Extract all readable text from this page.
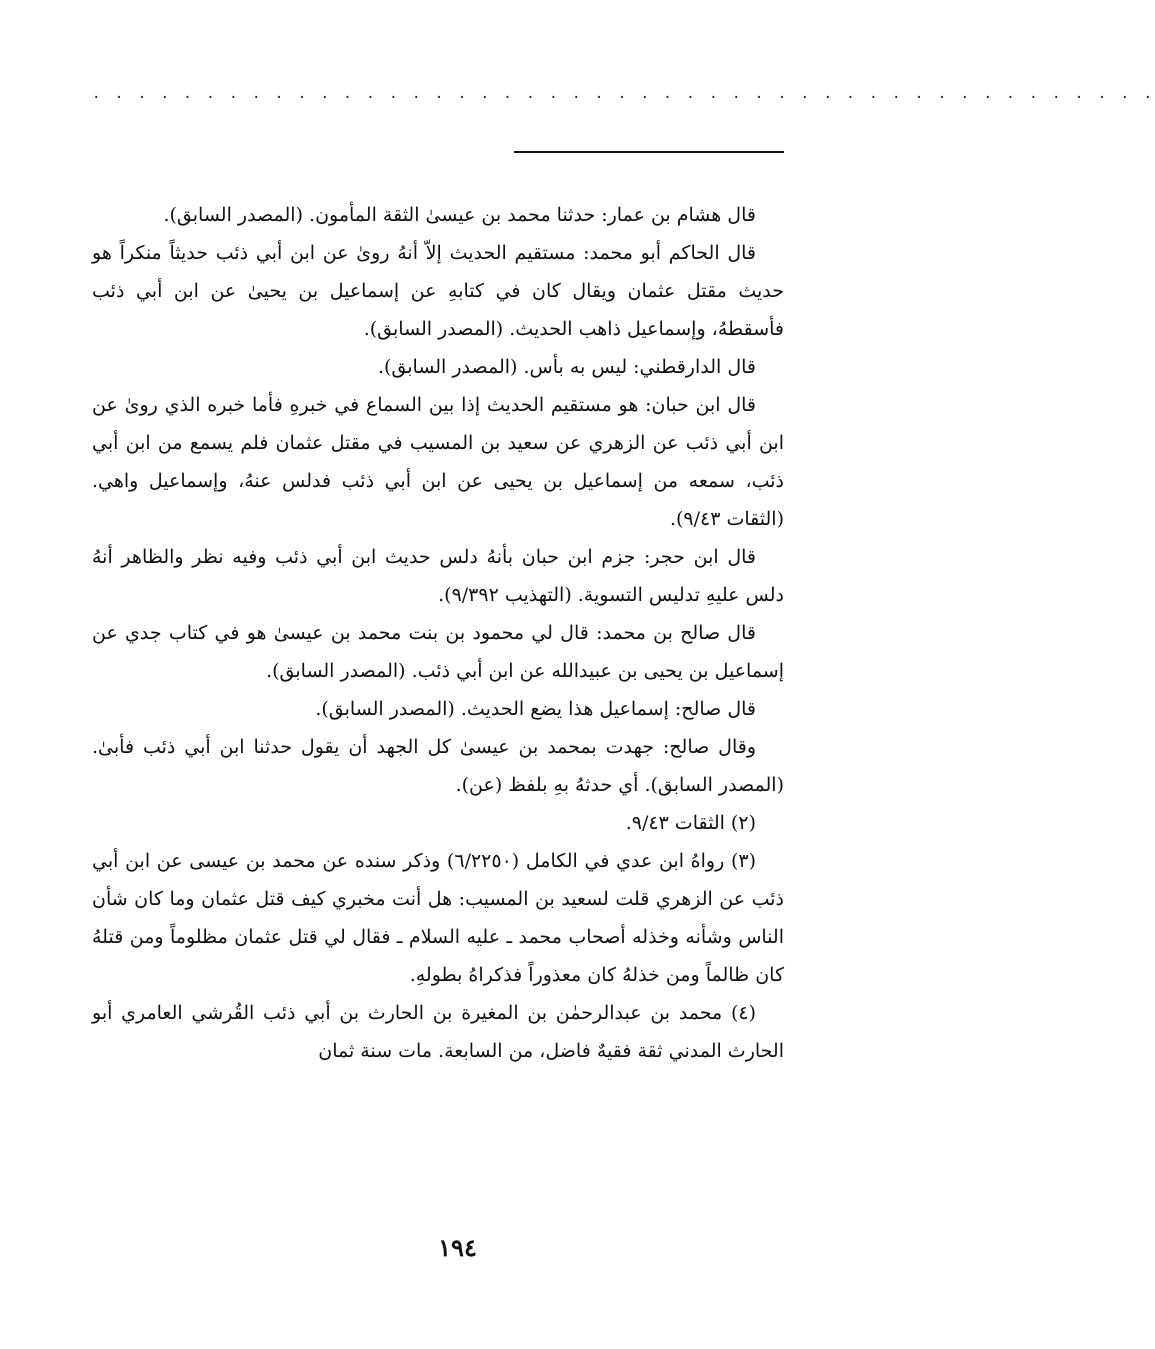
. . . . . . . . . . . . . . . . . . . . . . . . . . . . . . . . . . . . . . . . . . . . . . .

قال هشام بن عمار: حدثنا محمد بن عيسىٰ الثقة المأمون. (المصدر السابق).

قال الحاكم أبو محمد: مستقيم الحديث إلاّ أنهُ روىٰ عن ابن أبي ذئب حديثاً منكراً هو حديث مقتل عثمان ويقال كان في كتابهِ عن إسماعيل بن يحيىٰ عن ابن أبي ذئب فأسقطهُ، وإسماعيل ذاهب الحديث. (المصدر السابق).

قال الدارقطني: ليس به بأس. (المصدر السابق).

قال ابن حبان: هو مستقيم الحديث إذا بين السماع في خبرهِ فأما خبره الذي روىٰ عن ابن أبي ذئب عن الزهري عن سعيد بن المسيب في مقتل عثمان فلم يسمع من ابن أبي ذئب، سمعه من إسماعيل بن يحيى عن ابن أبي ذئب فدلس عنهُ، وإسماعيل واهي. (الثقات ٩/٤٣).

قال ابن حجر: جزم ابن حبان بأنهُ دلس حديث ابن أبي ذئب وفيه نظر والظاهر أنهُ دلس عليهِ تدليس التسوية. (التهذيب ٩/٣٩٢).

قال صالح بن محمد: قال لي محمود بن بنت محمد بن عيسىٰ هو في كتاب جدي عن إسماعيل بن يحيى بن عبيدالله عن ابن أبي ذئب. (المصدر السابق).

قال صالح: إسماعيل هذا يضع الحديث. (المصدر السابق).

وقال صالح: جهدت بمحمد بن عيسىٰ كل الجهد أن يقول حدثنا ابن أبي ذئب فأبىٰ. (المصدر السابق). أي حدثهُ بهِ بلفظ (عن).

(٢) الثقات ٩/٤٣.

(٣) رواهُ ابن عدي في الكامل (٦/٢٢٥٠) وذكر سنده عن محمد بن عيسى عن ابن أبي ذئب عن الزهري قلت لسعيد بن المسيب: هل أنت مخبري كيف قتل عثمان وما كان شأن الناس وشأنه وخذله أصحاب محمد ـ عليه السلام ـ فقال لي قتل عثمان مظلوماً ومن قتلهُ كان ظالماً ومن خذلهُ كان معذوراً فذكراهُ بطولهِ.

(٤) محمد بن عبدالرحمٰن بن المغيرة بن الحارث بن أبي ذئب القُرشي العامري أبو الحارث المدني ثقة فقيهٌ فاضل، من السابعة. مات سنة ثمان

١٩٤
